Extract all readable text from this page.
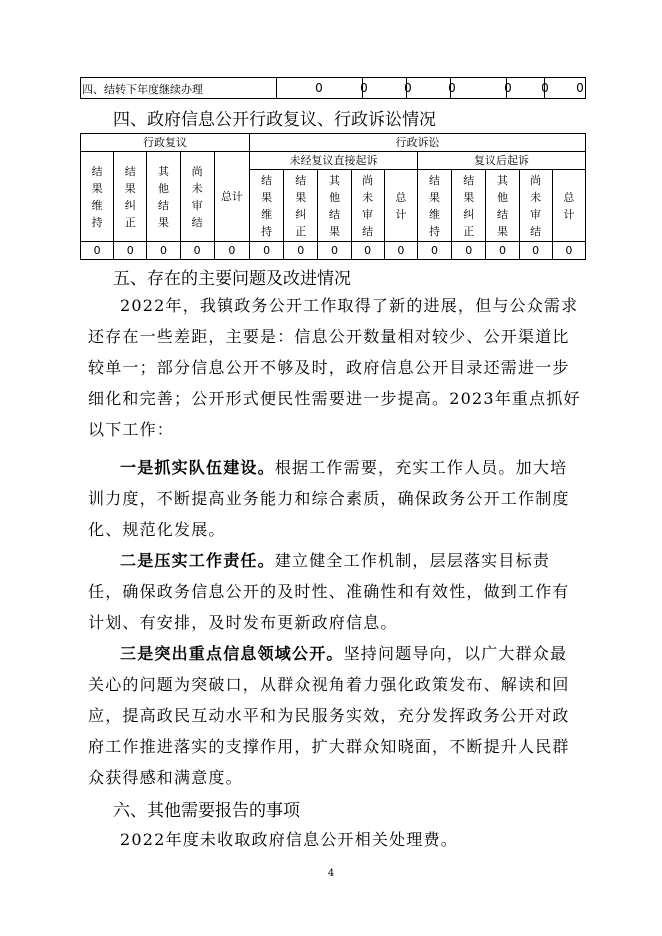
四、结转下年度继续办理	0	0	0	0	0	0	0
四、政府信息公开行政复议、行政诉讼情况
行政复议					行政诉讼									
结果维持	结果纠正	其他结果	尚未审结	总计	未经复议直接起诉					复议后起诉				
					结果维持	结果纠正	其他结果	尚未审结	总计	结果维持	结果纠正	其他结果	尚未审结	总计
0	0	0	0	0	0	0	0	0	0	0	0	0	0	0
五、存在的主要问题及改进情况
2022年，我镇政务公开工作取得了新的进展，但与公众需求还存在一些差距，主要是：信息公开数量相对较少、公开渠道比较单一；部分信息公开不够及时，政府信息公开目录还需进一步细化和完善；公开形式便民性需要进一步提高。2023年重点抓好以下工作：
一是抓实队伍建设。根据工作需要，充实工作人员。加大培训力度，不断提高业务能力和综合素质，确保政务公开工作制度化、规范化发展。
二是压实工作责任。建立健全工作机制，层层落实目标责任，确保政务信息公开的及时性、准确性和有效性，做到工作有计划、有安排，及时发布更新政府信息。
三是突出重点信息领域公开。坚持问题导向，以广大群众最关心的问题为突破口，从群众视角着力强化政策发布、解读和回应，提高政民互动水平和为民服务实效，充分发挥政务公开对政府工作推进落实的支撑作用，扩大群众知晓面，不断提升人民群众获得感和满意度。
六、其他需要报告的事项
2022年度未收取政府信息公开相关处理费。
4
